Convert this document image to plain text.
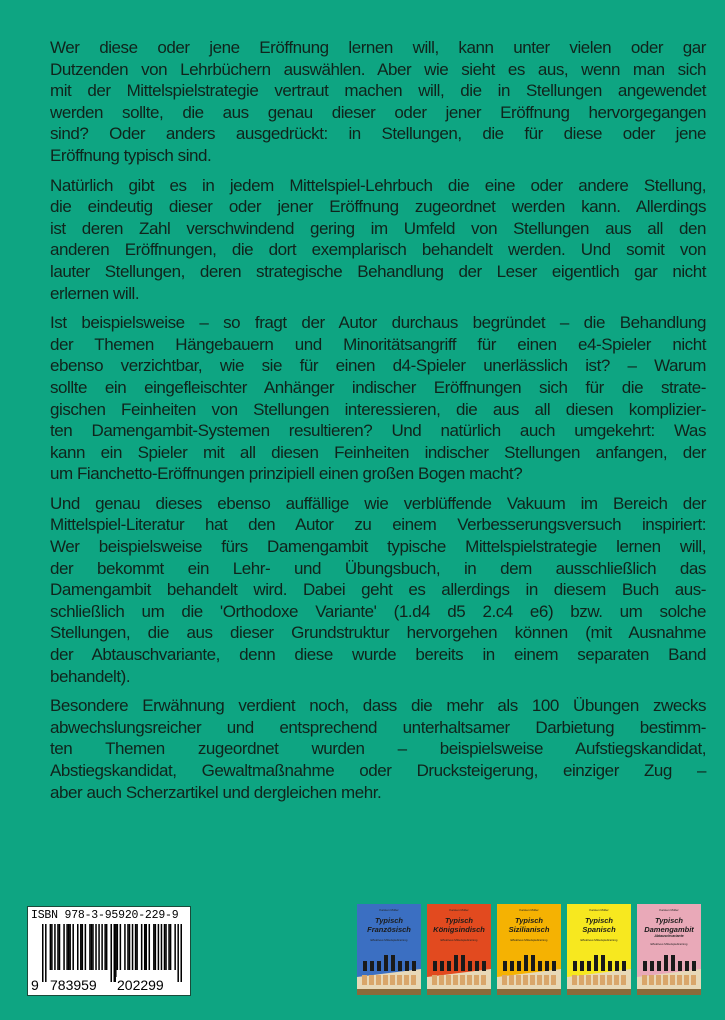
Wer diese oder jene Eröffnung lernen will, kann unter vielen oder gar
Dutzenden von Lehrbüchern auswählen. Aber wie sieht es aus, wenn man sich
mit der Mittelspielstrategie vertraut machen will, die in Stellungen angewendet
werden sollte, die aus genau dieser oder jener Eröffnung hervorgegangen
sind? Oder anders ausgedrückt: in Stellungen, die für diese oder jene
Eröffnung typisch sind.
Natürlich gibt es in jedem Mittelspiel-Lehrbuch die eine oder andere Stellung,
die eindeutig dieser oder jener Eröffnung zugeordnet werden kann. Allerdings
ist deren Zahl verschwindend gering im Umfeld von Stellungen aus all den
anderen Eröffnungen, die dort exemplarisch behandelt werden. Und somit von
lauter Stellungen, deren strategische Behandlung der Leser eigentlich gar nicht
erlernen will.
Ist beispielsweise – so fragt der Autor durchaus begründet – die Behandlung
der Themen Hängebauern und Minoritätsangriff für einen e4-Spieler nicht
ebenso verzichtbar, wie sie für einen d4-Spieler unerlässlich ist? – Warum
sollte ein eingefleischter Anhänger indischer Eröffnungen sich für die strate-
gischen Feinheiten von Stellungen interessieren, die aus all diesen komplizier-
ten Damengambit-Systemen resultieren? Und natürlich auch umgekehrt: Was
kann ein Spieler mit all diesen Feinheiten indischer Stellungen anfangen, der
um Fianchetto-Eröffnungen prinzipiell einen großen Bogen macht?
Und genau dieses ebenso auffällige wie verblüffende Vakuum im Bereich der
Mittelspiel-Literatur hat den Autor zu einem Verbesserungsversuch inspiriert:
Wer beispielsweise fürs Damengambit typische Mittelspielstrategie lernen will,
der bekommt ein Lehr- und Übungsbuch, in dem ausschließlich das
Damengambit behandelt wird. Dabei geht es allerdings in diesem Buch aus-
schließlich um die 'Orthodoxe Variante' (1.d4 d5 2.c4 e6) bzw. um solche
Stellungen, die aus dieser Grundstruktur hervorgehen können (mit Ausnahme
der Abtauschvariante, denn diese wurde bereits in einem separaten Band
behandelt).
Besondere Erwähnung verdient noch, dass die mehr als 100 Übungen zwecks
abwechslungsreicher und entsprechend unterhaltsamer Darbietung bestimm-
ten Themen zugeordnet wurden – beispielsweise Aufstiegskandidat,
Abstiegskandidat, Gewaltmaßnahme oder Drucksteigerung, einziger Zug –
aber auch Scherzartikel und dergleichen mehr.
ISBN 978-3-95920-229-9
9 783959 202299
Karsten Müller
Typisch
Französisch
Effektives Mittelspieltraining
Karsten Müller
Typisch
Königsindisch
Effektives Mittelspieltraining
Karsten Müller
Typisch
Sizilianisch
Effektives Mittelspieltraining
Karsten Müller
Typisch
Spanisch
Effektives Mittelspieltraining
Karsten Müller
Typisch
Damengambit
Abtauschvariante
Effektives Mittelspieltraining
